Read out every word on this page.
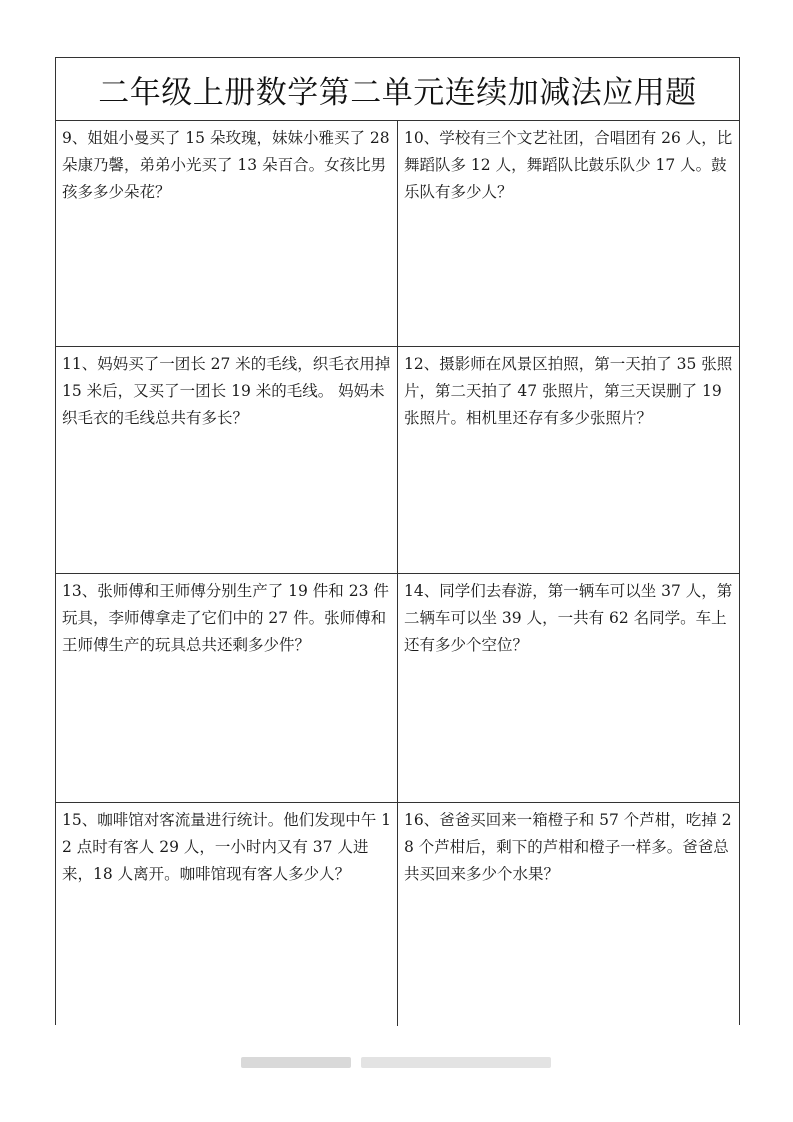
二年级上册数学第二单元连续加减法应用题
9、姐姐小曼买了 15 朵玫瑰，妹妹小雅买了 28 朵康乃馨，弟弟小光买了 13 朵百合。女孩比男孩多多少朵花？
10、学校有三个文艺社团，合唱团有 26 人，比舞蹈队多 12 人，舞蹈队比鼓乐队少 17 人。鼓乐队有多少人？
11、妈妈买了一团长 27 米的毛线，织毛衣用掉 15 米后，又买了一团长 19 米的毛线。 妈妈未织毛衣的毛线总共有多长？
12、摄影师在风景区拍照，第一天拍了 35 张照片，第二天拍了 47 张照片，第三天误删了 19 张照片。相机里还存有多少张照片？
13、张师傅和王师傅分别生产了 19 件和 23 件玩具，李师傅拿走了它们中的 27 件。张师傅和王师傅生产的玩具总共还剩多少件？
14、同学们去春游，第一辆车可以坐 37 人，第二辆车可以坐 39 人，一共有 62 名同学。车上还有多少个空位？
15、咖啡馆对客流量进行统计。他们发现中午 12 点时有客人 29 人，一小时内又有 37 人进来，18 人离开。咖啡馆现有客人多少人？
16、爸爸买回来一箱橙子和 57 个芦柑，吃掉 28 个芦柑后，剩下的芦柑和橙子一样多。爸爸总共买回来多少个水果？
